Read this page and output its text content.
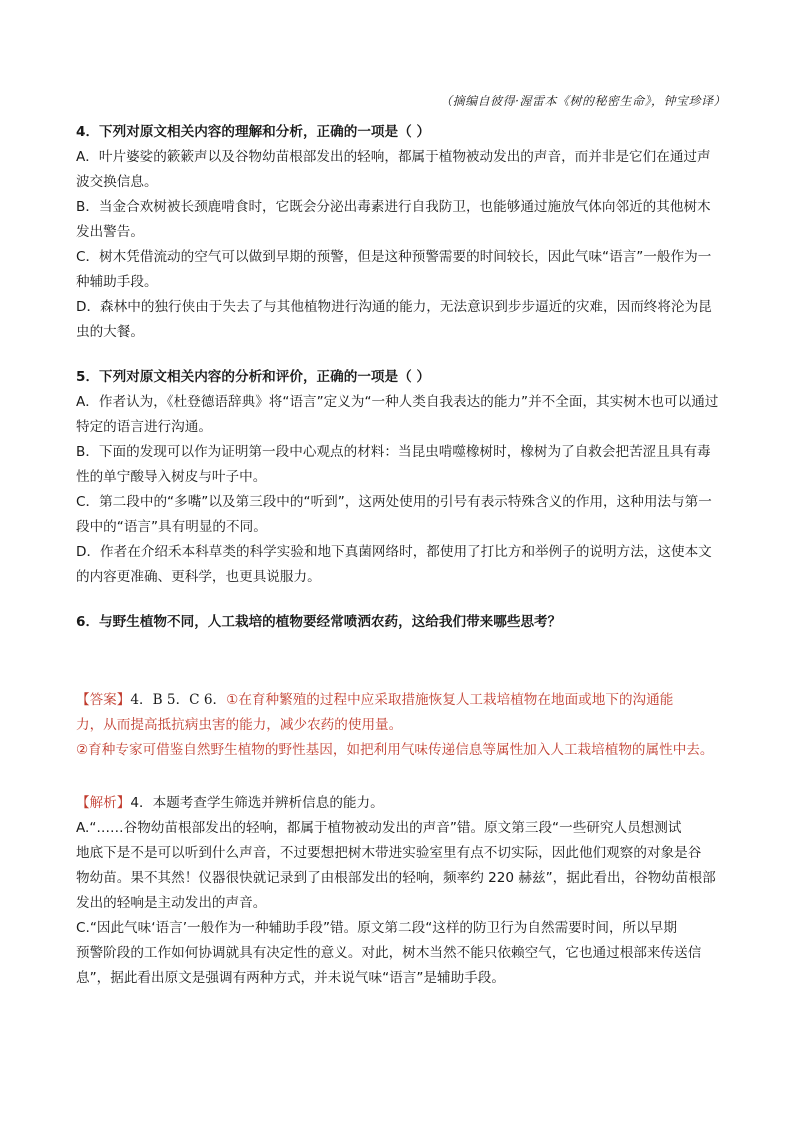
（摘编自彼得·渥雷本《树的秘密生命》，钟宝珍译）
4．下列对原文相关内容的理解和分析，正确的一项是（ ）
A．叶片婆娑的簌簌声以及谷物幼苗根部发出的轻响，都属于植物被动发出的声音，而并非是它们在通过声
波交换信息。
B．当金合欢树被长颈鹿啃食时，它既会分泌出毒素进行自我防卫，也能够通过施放气体向邻近的其他树木
发出警告。
C．树木凭借流动的空气可以做到早期的预警，但是这种预警需要的时间较长，因此气味“语言”一般作为一
种辅助手段。
D．森林中的独行侠由于失去了与其他植物进行沟通的能力，无法意识到步步逼近的灾难，因而终将沦为昆
虫的大餐。
5．下列对原文相关内容的分析和评价，正确的一项是（ ）
A．作者认为，《杜登德语辞典》将“语言”定义为“一种人类自我表达的能力”并不全面，其实树木也可以通过
特定的语言进行沟通。
B．下面的发现可以作为证明第一段中心观点的材料：当昆虫啃噬橡树时，橡树为了自救会把苦涩且具有毒
性的单宁酸导入树皮与叶子中。
C．第二段中的“多嘴”以及第三段中的“听到”，这两处使用的引号有表示特殊含义的作用，这种用法与第一
段中的“语言”具有明显的不同。
D．作者在介绍禾本科草类的科学实验和地下真菌网络时，都使用了打比方和举例子的说明方法，这使本文
的内容更准确、更科学，也更具说服力。
6．与野生植物不同，人工栽培的植物要经常喷洒农药，这给我们带来哪些思考？
【答案】4．B 5．C 6．①在育种繁殖的过程中应采取措施恢复人工栽培植物在地面或地下的沟通能
力，从而提高抵抗病虫害的能力，减少农药的使用量。
②育种专家可借鉴自然野生植物的野性基因，如把利用气味传递信息等属性加入人工栽培植物的属性中去。
【解析】4．本题考查学生筛选并辨析信息的能力。
A.“……谷物幼苗根部发出的轻响，都属于植物被动发出的声音”错。原文第三段“一些研究人员想测试
地底下是不是可以听到什么声音，不过要想把树木带进实验室里有点不切实际，因此他们观察的对象是谷
物幼苗。果不其然！仪器很快就记录到了由根部发出的轻响，频率约 220 赫兹”，据此看出，谷物幼苗根部
发出的轻响是主动发出的声音。
C.“因此气味‘语言’一般作为一种辅助手段”错。原文第二段“这样的防卫行为自然需要时间，所以早期
预警阶段的工作如何协调就具有决定性的意义。对此，树木当然不能只依赖空气，它也通过根部来传送信
息”，据此看出原文是强调有两种方式，并未说气味“语言”是辅助手段。
